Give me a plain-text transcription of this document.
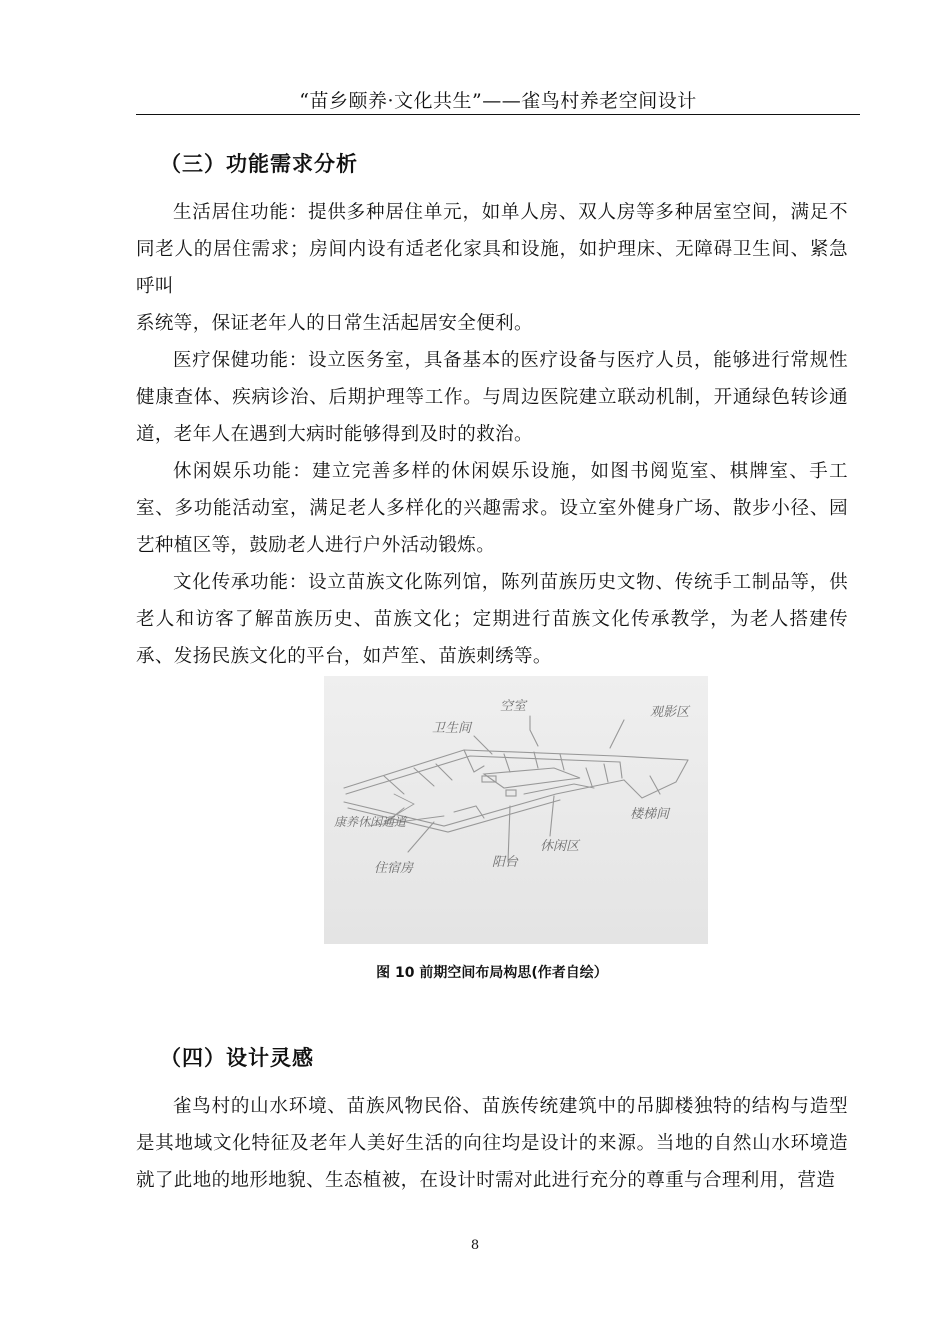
“苗乡颐养·文化共生”——雀鸟村养老空间设计
（三）功能需求分析

生活居住功能：提供多种居住单元，如单人房、双人房等多种居室空间，满足不同老人的居住需求；房间内设有适老化家具和设施，如护理床、无障碍卫生间、紧急呼叫

系统等，保证老年人的日常生活起居安全便利。

医疗保健功能：设立医务室，具备基本的医疗设备与医疗人员，能够进行常规性健康查体、疾病诊治、后期护理等工作。与周边医院建立联动机制，开通绿色转诊通道，老年人在遇到大病时能够得到及时的救治。

休闲娱乐功能：建立完善多样的休闲娱乐设施，如图书阅览室、棋牌室、手工室、多功能活动室，满足老人多样化的兴趣需求。设立室外健身广场、散步小径、园艺种植区等，鼓励老人进行户外活动锻炼。

文化传承功能：设立苗族文化陈列馆，陈列苗族历史文物、传统手工制品等，供老人和访客了解苗族历史、苗族文化；定期进行苗族文化传承教学，为老人搭建传承、发扬民族文化的平台，如芦笙、苗族刺绣等。

卫生间
空室	观影区
楼梯间
康养休闲通道
住宿房	阳台
休闲区
图 10 前期空间布局构思(作者自绘）
（四）设计灵感

雀鸟村的山水环境、苗族风物民俗、苗族传统建筑中的吊脚楼独特的结构与造型是其地域文化特征及老年人美好生活的向往均是设计的来源。当地的自然山水环境造就了此地的地形地貌、生态植被，在设计时需对此进行充分的尊重与合理利用，营造

8
